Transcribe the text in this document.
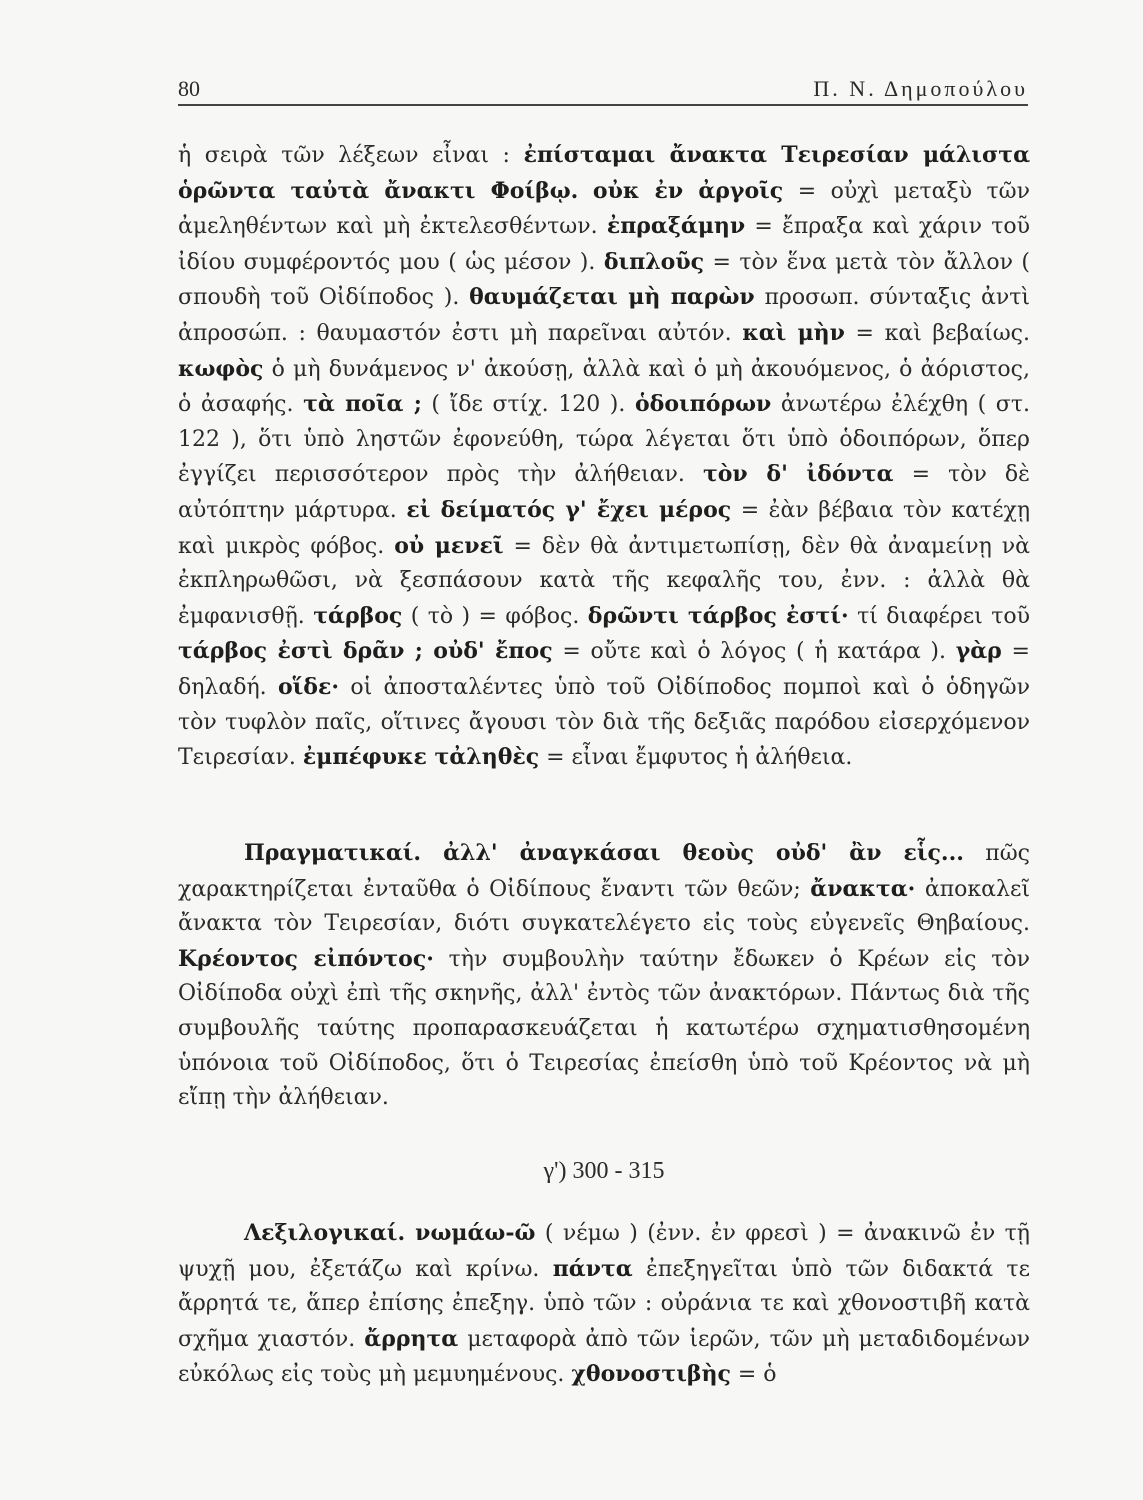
80	Π. Ν. Δημοπούλου

ἡ σειρὰ τῶν λέξεων εἶναι : ἐπίσταμαι ἄνακτα Τειρεσίαν μάλιστα ὁρῶντα ταὐτὰ ἄνακτι Φοίβῳ. οὐκ ἐν ἀργοῖς = οὐχὶ μεταξὺ τῶν ἀμεληθέντων καὶ μὴ ἐκτελεσθέντων. ἐπραξάμην = ἔπραξα καὶ χάριν τοῦ ἰδίου συμφέροντός μου ( ὡς μέσον ). διπλοῦς = τὸν ἕνα μετὰ τὸν ἄλλον ( σπουδὴ τοῦ Οἰδίποδος ). θαυμάζεται μὴ παρὼν προσωπ. σύνταξις ἀντὶ ἀπροσώπ. : θαυμαστόν ἐστι μὴ παρεῖναι αὐτόν. καὶ μὴν = καὶ βεβαίως. κωφὸς ὁ μὴ δυνάμενος ν' ἀκούσῃ, ἀλλὰ καὶ ὁ μὴ ἀκουόμενος, ὁ ἀόριστος, ὁ ἀσαφής. τὰ ποῖα ; ( ἴδε στίχ. 120 ). ὁδοιπόρων ἀνωτέρω ἐλέχθη ( στ. 122 ), ὅτι ὑπὸ ληστῶν ἐφονεύθη, τώρα λέγεται ὅτι ὑπὸ ὁδοιπόρων, ὅπερ ἐγγίζει περισσότερον πρὸς τὴν ἀλήθειαν. τὸν δ' ἰδόντα = τὸν δὲ αὐτόπτην μάρτυρα. εἰ δείματός γ' ἔχει μέρος = ἐὰν βέβαια τὸν κατέχῃ καὶ μικρὸς φόβος. οὐ μενεῖ = δὲν θὰ ἀντιμετωπίσῃ, δὲν θὰ ἀναμείνῃ νὰ ἐκπληρωθῶσι, νὰ ξεσπάσουν κατὰ τῆς κεφαλῆς του, ἐνν. : ἀλλὰ θὰ ἐμφανισθῇ. τάρβος ( τὸ ) = φόβος. δρῶντι τάρβος ἐστί· τί διαφέρει τοῦ τάρβος ἐστὶ δρᾶν ; οὐδ' ἔπος = οὔτε καὶ ὁ λόγος ( ἡ κατάρα ). γὰρ = δηλαδή. οἵδε· οἱ ἀποσταλέντες ὑπὸ τοῦ Οἰδίποδος πομποὶ καὶ ὁ ὁδηγῶν τὸν τυφλὸν παῖς, οἵτινες ἄγουσι τὸν διὰ τῆς δεξιᾶς παρόδου εἰσερχόμενον Τειρεσίαν. ἐμπέφυκε τἀληθὲς = εἶναι ἔμφυτος ἡ ἀλήθεια.

Πραγματικαί. ἀλλ' ἀναγκάσαι θεοὺς οὐδ' ἂν εἷς... πῶς χαρακτηρίζεται ἐνταῦθα ὁ Οἰδίπους ἔναντι τῶν θεῶν; ἄνακτα· ἀποκαλεῖ ἄνακτα τὸν Τειρεσίαν, διότι συγκατελέγετο εἰς τοὺς εὐγενεῖς Θηβαίους. Κρέοντος εἰπόντος· τὴν συμβουλὴν ταύτην ἔδωκεν ὁ Κρέων εἰς τὸν Οἰδίποδα οὐχὶ ἐπὶ τῆς σκηνῆς, ἀλλ' ἐντὸς τῶν ἀνακτόρων. Πάντως διὰ τῆς συμβουλῆς ταύτης προπαρασκευάζεται ἡ κατωτέρω σχηματισθησομένη ὑπόνοια τοῦ Οἰδίποδος, ὅτι ὁ Τειρεσίας ἐπείσθη ὑπὸ τοῦ Κρέοντος νὰ μὴ εἴπῃ τὴν ἀλήθειαν.

γ') 300 - 315

Λεξιλογικαί. νωμάω-ῶ ( νέμω ) (ἐνν. ἐν φρεσὶ ) = ἀνακινῶ ἐν τῇ ψυχῇ μου, ἐξετάζω καὶ κρίνω. πάντα ἐπεξηγεῖται ὑπὸ τῶν διδακτά τε ἄρρητά τε, ἅπερ ἐπίσης ἐπεξηγ. ὑπὸ τῶν : οὐράνια τε καὶ χθονοστιβῆ κατὰ σχῆμα χιαστόν. ἄρρητα μεταφορὰ ἀπὸ τῶν ἱερῶν, τῶν μὴ μεταδιδομένων εὐκόλως εἰς τοὺς μὴ μεμυημένους. χθονοστιβὴς = ὁ
